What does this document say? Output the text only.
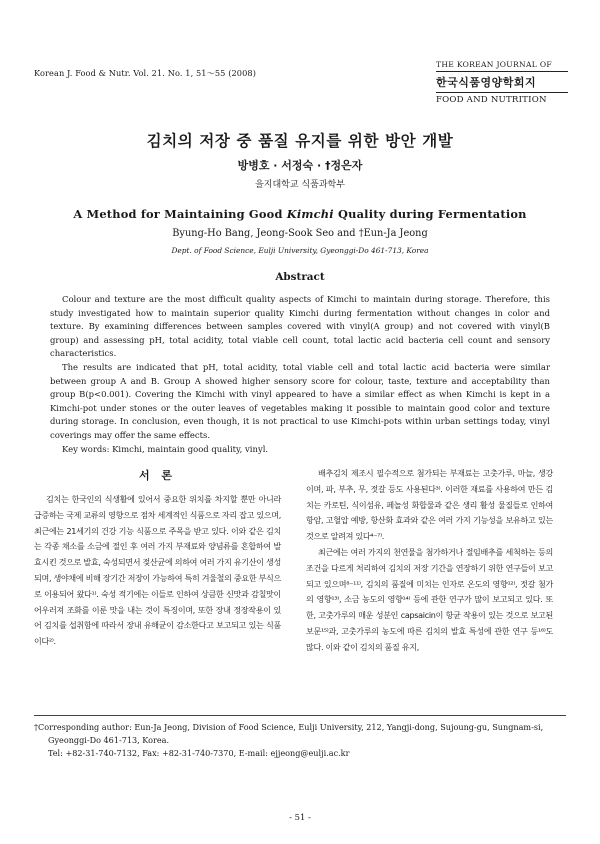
Korean J. Food & Nutr. Vol. 21. No. 1, 51～55 (2008)
THE KOREAN JOURNAL OF
한국식품영양학회지
FOOD AND NUTRITION
김치의 저장 중 품질 유지를 위한 방안 개발
방병호 · 서정숙 · †정은자
을지대학교 식품과학부
A Method for Maintaining Good Kimchi Quality during Fermentation
Byung-Ho Bang, Jeong-Sook Seo and †Eun-Ja Jeong
Dept. of Food Science, Eulji University, Gyeonggi-Do 461-713, Korea
Abstract

Colour and texture are the most difficult quality aspects of Kimchi to maintain during storage. Therefore, this study investigated how to maintain superior quality Kimchi during fermentation without changes in color and texture. By examining differences between samples covered with vinyl(A group) and not covered with vinyl(B group) and assessing pH, total acidity, total viable cell count, total lactic acid bacteria cell count and sensory characteristics.

The results are indicated that pH, total acidity, total viable cell and total lactic acid bacteria were similar between group A and B. Group A showed higher sensory score for colour, taste, texture and acceptability than group B(p<0.001). Covering the Kimchi with vinyl appeared to have a similar effect as when Kimchi is kept in a Kimchi-pot under stones or the outer leaves of vegetables making it possible to maintain good color and texture during storage. In conclusion, even though, it is not practical to use Kimchi-pots within urban settings today, vinyl coverings may offer the same effects.

Key words: Kimchi, maintain good quality, vinyl.

서 론

김치는 한국인의 식생활에 있어서 중요한 위치를 차지할 뿐만 아니라 급증하는 국제 교류의 영향으로 점차 세계적인 식품으로 자리 잡고 있으며, 최근에는 21세기의 건강 기능 식품으로 주목을 받고 있다. 이와 같은 김치는 각종 채소를 소금에 절인 후 여러 가지 부재료와 양념류를 혼합하여 발효시킨 것으로 발효, 숙성되면서 젖산균에 의하여 여러 가지 유기산이 생성되며, 생야채에 비해 장기간 저장이 가능하여 특히 겨울철의 중요한 부식으로 이용되어 왔다¹⁾. 숙성 적기에는 이들로 인하여 상큼한 신맛과 감칠맛이 어우러져 조화를 이룬 맛을 내는 것이 특징이며, 또한 장내 정장작용이 있어 김치를 섭취함에 따라서 장내 유해균이 감소한다고 보고되고 있는 식품이다²⁾.

배추김치 제조시 필수적으로 첨가되는 부재료는 고춧가루, 마늘, 생강이며, 파, 부추, 무, 젓갈 등도 사용된다³⁾. 이러한 재료를 사용하여 만든 김치는 카로틴, 식이섬유, 페놀성 화합물과 같은 생리 활성 물질들로 인하여 항암, 고혈압 예방, 항산화 효과와 같은 여러 가지 기능성을 보유하고 있는 것으로 알려져 있다⁴⁻⁷⁾.

최근에는 여러 가지의 천연물을 첨가하거나 절임배추를 세척하는 등의 조건을 다르게 처리하여 김치의 저장 기간을 연장하기 위한 연구들이 보고되고 있으며⁸⁻¹¹⁾, 김치의 품질에 미치는 인자로 온도의 영향¹²⁾, 젓갈 첨가의 영향¹³⁾, 소금 농도의 영향¹⁴⁾ 등에 관한 연구가 많이 보고되고 있다. 또한, 고춧가루의 매운 성분인 capsaicin이 항균 작용이 있는 것으로 보고된 보문¹⁵⁾과, 고춧가루의 농도에 따른 김치의 발효 특성에 관한 연구 등¹⁶⁾도 많다. 이와 같이 김치의 품질 유지,

†Corresponding author: Eun-Ja Jeong, Division of Food Science, Eulji University, 212, Yangji-dong, Sujoung-gu, Sungnam-si,

Gyeonggi-Do 461-713, Korea.

Tel: +82-31-740-7132, Fax: +82-31-740-7370, E-mail: ejjeong@eulji.ac.kr

- 51 -
